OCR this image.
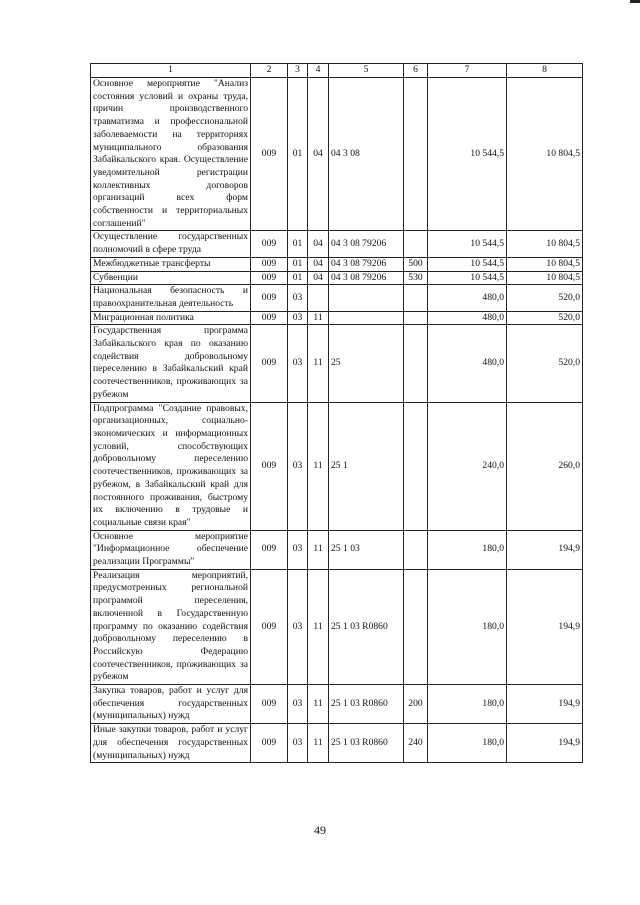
1	2	3	4	5	6	7	8
Основное мероприятие "Анализ состояния условий и охраны труда, причин производственного травматизма и профессиональной заболеваемости на территориях муниципального образования Забайкальского края. Осуществление уведомительной регистрации коллективных договоров организаций всех форм собственности и территориальных соглашений"	009	01	04	04 3 08		10 544,5	10 804,5
Осуществление государственных полномочий в сфере труда	009	01	04	04 3 08 79206		10 544,5	10 804,5
Межбюджетные трансферты	009	01	04	04 3 08 79206	500	10 544,5	10 804,5
Субвенции	009	01	04	04 3 08 79206	530	10 544,5	10 804,5
Национальная безопасность и правоохранительная деятельность	009	03				480,0	520,0
Миграционная политика	009	03	11			480,0	520,0
Государственная программа Забайкальского края по оказанию содействия добровольному переселению в Забайкальский край соотечественников, проживающих за рубежом	009	03	11	25		480,0	520,0
Подпрограмма "Создание правовых, организационных, социально-экономических и информационных условий, способствующих добровольному переселению соотечественников, проживающих за рубежом, в Забайкальский край для постоянного проживания, быстрому их включению в трудовые и социальные связи края"	009	03	11	25 1		240,0	260,0
Основное мероприятие "Информационное обеспечение реализации Программы"	009	03	11	25 1 03		180,0	194,9
Реализация мероприятий, предусмотренных региональной программой переселения, включенной в Государственную программу по оказанию содействия добровольному переселению в Российскую Федерацию соотечественников, проживающих за рубежом	009	03	11	25 1 03 R0860		180,0	194,9
Закупка товаров, работ и услуг для обеспечения государственных (муниципальных) нужд	009	03	11	25 1 03 R0860	200	180,0	194,9
Иные закупки товаров, работ и услуг для обеспечения государственных (муниципальных) нужд	009	03	11	25 1 03 R0860	240	180,0	194,9
49
